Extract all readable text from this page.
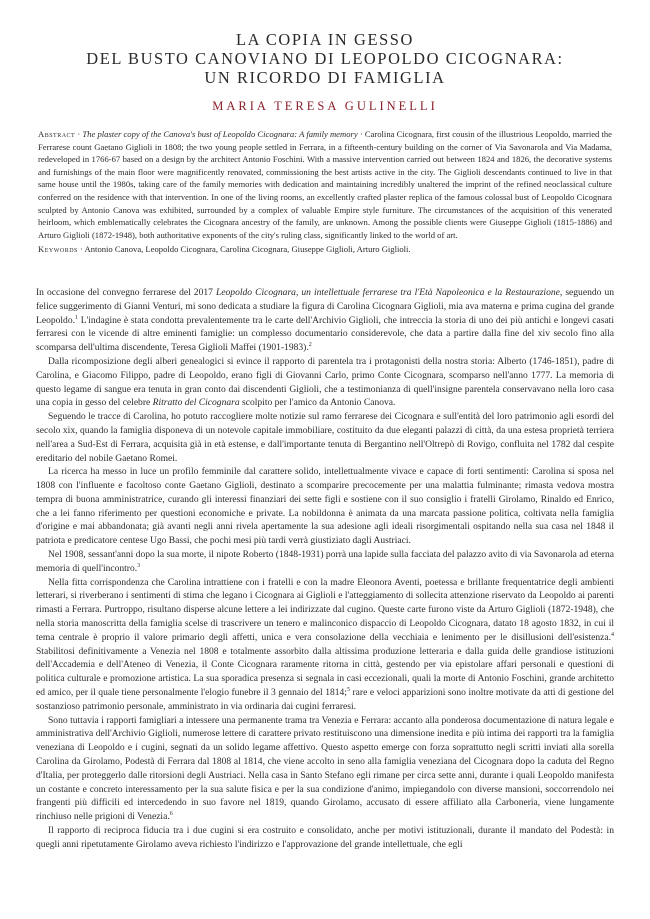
LA COPIA IN GESSO
DEL BUSTO CANOVIANO DI LEOPOLDO CICOGNARA:
UN RICORDO DI FAMIGLIA
MARIA TERESA GULINELLI
Abstract · The plaster copy of the Canova's bust of Leopoldo Cicognara: A family memory · Carolina Cicognara, first cousin of the illustrious Leopoldo, married the Ferrarese count Gaetano Giglioli in 1808; the two young people settled in Ferrara, in a fifteenth-century building on the corner of Via Savonarola and Via Madama, redeveloped in 1766-67 based on a design by the architect Antonio Foschini. With a massive intervention carried out between 1824 and 1826, the decorative systems and furnishings of the main floor were magnificently renovated, commissioning the best artists active in the city. The Giglioli descendants continued to live in that same house until the 1980s, taking care of the family memories with dedication and maintaining incredibly unaltered the imprint of the refined neoclassical culture conferred on the residence with that intervention. In one of the living rooms, an excellently crafted plaster replica of the famous colossal bust of Leopoldo Cicognara sculpted by Antonio Canova was exhibited, surrounded by a complex of valuable Empire style furniture. The circumstances of the acquisition of this venerated heirloom, which emblematically celebrates the Cicognara ancestry of the family, are unknown. Among the possible clients were Giuseppe Giglioli (1815-1886) and Arturo Giglioli (1872-1948), both authoritative exponents of the city's ruling class, significantly linked to the world of art.
Keywords · Antonio Canova, Leopoldo Cicognara, Carolina Cicognara, Giuseppe Giglioli, Arturo Giglioli.

In occasione del convegno ferrarese del 2017 Leopoldo Cicognara, un intellettuale ferrarese tra l'Età Napoleonica e la Restaurazione, seguendo un felice suggerimento di Gianni Venturi, mi sono dedicata a studiare la figura di Carolina Cicognara Giglioli, mia ava materna e prima cugina del grande Leopoldo.$^1$ L'indagine è stata condotta prevalentemente tra le carte dell'Archivio Giglioli, che intreccia la storia di uno dei più antichi e longevi casati ferraresi con le vicende di altre eminenti famiglie: un complesso documentario considerevole, che data a partire dalla fine del xiv secolo fino alla scomparsa dell'ultima discendente, Teresa Giglioli Maffei (1901-1983).$^2$

Dalla ricomposizione degli alberi genealogici si evince il rapporto di parentela tra i protagonisti della nostra storia: Alberto (1746-1851), padre di Carolina, e Giacomo Filippo, padre di Leopoldo, erano figli di Giovanni Carlo, primo Conte Cicognara, scomparso nell'anno 1777. La memoria di questo legame di sangue era tenuta in gran conto dai discendenti Giglioli, che a testimonianza di quell'insigne parentela conservavano nella loro casa una copia in gesso del celebre Ritratto del Cicognara scolpito per l'amico da Antonio Canova.

Seguendo le tracce di Carolina, ho potuto raccogliere molte notizie sul ramo ferrarese dei Cicognara e sull'entità del loro patrimonio agli esordi del secolo xix, quando la famiglia disponeva di un notevole capitale immobiliare, costituito da due eleganti palazzi di città, da una estesa proprietà terriera nell'area a Sud-Est di Ferrara, acquisita già in età estense, e dall'importante tenuta di Bergantino nell'Oltrepò di Rovigo, confluita nel 1782 dal cespite ereditario del nobile Gaetano Romei.

La ricerca ha messo in luce un profilo femminile dal carattere solido, intellettualmente vivace e capace di forti sentimenti: Carolina si sposa nel 1808 con l'influente e facoltoso conte Gaetano Giglioli, destinato a scomparire precocemente per una malattia fulminante; rimasta vedova mostra tempra di buona amministratrice, curando gli interessi finanziari dei sette figli e sostiene con il suo consiglio i fratelli Girolamo, Rinaldo ed Enrico, che a lei fanno riferimento per questioni economiche e private. La nobildonna è animata da una marcata passione politica, coltivata nella famiglia d'origine e mai abbandonata; già avanti negli anni rivela apertamente la sua adesione agli ideali risorgimentali ospitando nella sua casa nel 1848 il patriota e predicatore centese Ugo Bassi, che pochi mesi più tardi verrà giustiziato dagli Austriaci.

Nel 1908, sessant'anni dopo la sua morte, il nipote Roberto (1848-1931) porrà una lapide sulla facciata del palazzo avito di via Savonarola ad eterna memoria di quell'incontro.$^3$

Nella fitta corrispondenza che Carolina intrattiene con i fratelli e con la madre Eleonora Aventi, poetessa e brillante frequentatrice degli ambienti letterari, si riverberano i sentimenti di stima che legano i Cicognara ai Giglioli e l'atteggiamento di sollecita attenzione riservato da Leopoldo ai parenti rimasti a Ferrara. Purtroppo, risultano disperse alcune lettere a lei indirizzate dal cugino. Queste carte furono viste da Arturo Giglioli (1872-1948), che nella storia manoscritta della famiglia scelse di trascrivere un tenero e malinconico dispaccio di Leopoldo Cicognara, datato 18 agosto 1832, in cui il tema centrale è proprio il valore primario degli affetti, unica e vera consolazione della vecchiaia e lenimento per le disillusioni dell'esistenza.$^4$ Stabilitosi definitivamente a Venezia nel 1808 e totalmente assorbito dalla altissima produzione letteraria e dalla guida delle grandiose istituzioni dell'Accademia e dell'Ateneo di Venezia, il Conte Cicognara raramente ritorna in città, gestendo per via epistolare affari personali e questioni di politica culturale e promozione artistica. La sua sporadica presenza si segnala in casi eccezionali, quali la morte di Antonio Foschini, grande architetto ed amico, per il quale tiene personalmente l'elogio funebre il 3 gennaio del 1814;$^5$ rare e veloci apparizioni sono inoltre motivate da atti di gestione del sostanzioso patrimonio personale, amministrato in via ordinaria dai cugini ferraresi.

Sono tuttavia i rapporti famigliari a intessere una permanente trama tra Venezia e Ferrara: accanto alla ponderosa documentazione di natura legale e amministrativa dell'Archivio Giglioli, numerose lettere di carattere privato restituiscono una dimensione inedita e più intima dei rapporti tra la famiglia veneziana di Leopoldo e i cugini, segnati da un solido legame affettivo. Questo aspetto emerge con forza soprattutto negli scritti inviati alla sorella Carolina da Girolamo, Podestà di Ferrara dal 1808 al 1814, che viene accolto in seno alla famiglia veneziana del Cicognara dopo la caduta del Regno d'Italia, per proteggerlo dalle ritorsioni degli Austriaci. Nella casa in Santo Stefano egli rimane per circa sette anni, durante i quali Leopoldo manifesta un costante e concreto interessamento per la sua salute fisica e per la sua condizione d'animo, impiegandolo con diverse mansioni, soccorrendolo nei frangenti più difficili ed intercedendo in suo favore nel 1819, quando Girolamo, accusato di essere affiliato alla Carboneria, viene lungamente rinchiuso nelle prigioni di Venezia.$^6$

Il rapporto di reciproca fiducia tra i due cugini si era costruito e consolidato, anche per motivi istituzionali, durante il mandato del Podestà: in quegli anni ripetutamente Girolamo aveva richiesto l'indirizzo e l'approvazione del grande intellettuale, che egli
